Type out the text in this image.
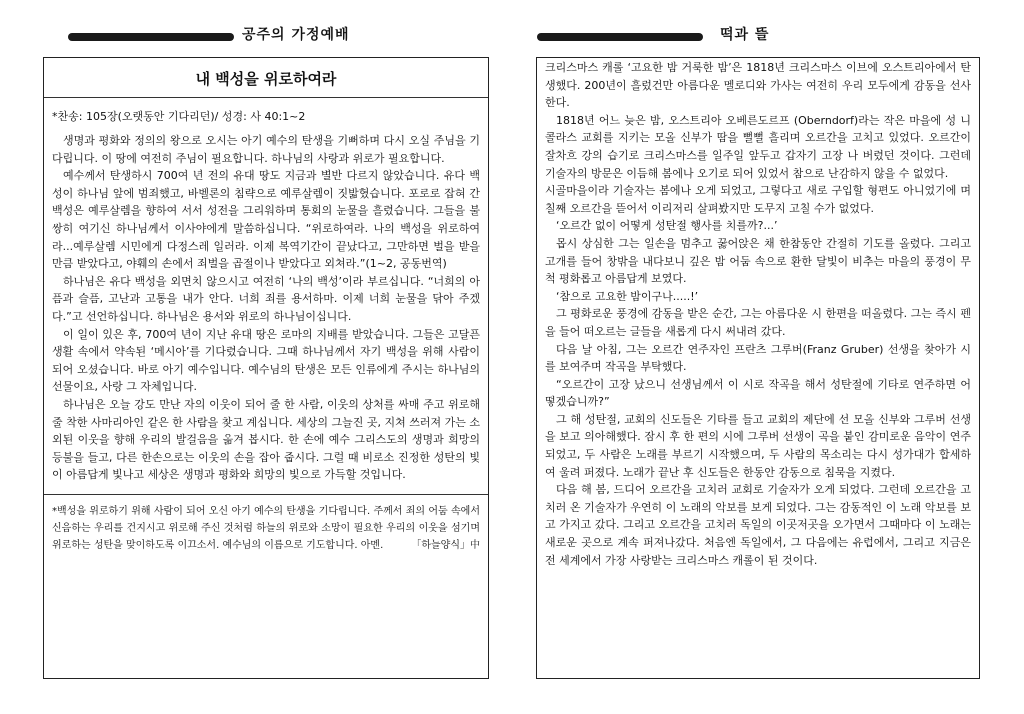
공주의 가정예배	떡과 뜰
내 백성을 위로하여라
*찬송: 105장(오랫동안 기다리던)/ 성경: 사 40:1~2

생명과 평화와 정의의 왕으로 오시는 아기 예수의 탄생을 기뻐하며 다시 오실 주님을 기다립니다. 이 땅에 여전히 주님이 필요합니다. 하나님의 사랑과 위로가 필요합니다.

예수께서 탄생하시 700여 년 전의 유대 땅도 지금과 별반 다르지 않았습니다. 유다 백성이 하나님 앞에 범죄했고, 바벨론의 침략으로 예루살렘이 짓밟혔습니다. 포로로 잡혀 간 백성은 예루살렘을 향하여 서서 성전을 그리워하며 통회의 눈물을 흘렸습니다. 그들을 불쌍히 여기신 하나님께서 이사야에게 말씀하십니다. “위로하여라. 나의 백성을 위로하여라...예루살렘 시민에게 다정스레 일러라. 이제 복역기간이 끝났다고, 그만하면 벌을 받을 만큼 받았다고, 야훼의 손에서 죄벌을 곱절이나 받았다고 외쳐라.”(1~2, 공동번역)

하나님은 유다 백성을 외면치 않으시고 여전히 ‘나의 백성’이라 부르십니다. “너희의 아픔과 슬픔, 고난과 고통을 내가 안다. 너희 죄를 용서하마. 이제 너희 눈물을 닦아 주겠다.”고 선언하십니다. 하나님은 용서와 위로의 하나님이십니다.

이 일이 있은 후, 700여 년이 지난 유대 땅은 로마의 지배를 받았습니다. 그들은 고달픈 생활 속에서 약속된 ‘메시아’를 기다렸습니다. 그때 하나님께서 자기 백성을 위해 사람이 되어 오셨습니다. 바로 아기 예수입니다. 예수님의 탄생은 모든 인류에게 주시는 하나님의 선물이요, 사랑 그 자체입니다.

하나님은 오늘 강도 만난 자의 이웃이 되어 줄 한 사람, 이웃의 상처를 싸매 주고 위로해 줄 착한 사마리아인 같은 한 사람을 찾고 계십니다. 세상의 그늘진 곳, 지쳐 쓰러져 가는 소외된 이웃을 향해 우리의 발걸음을 옮겨 봅시다. 한 손에 예수 그리스도의 생명과 희망의 등불을 들고, 다른 한손으로는 이웃의 손을 잡아 줍시다. 그럴 때 비로소 진정한 성탄의 빛이 아름답게 빛나고 세상은 생명과 평화와 희망의 빛으로 가득할 것입니다.

*백성을 위로하기 위해 사람이 되어 오신 아기 예수의 탄생을 기다립니다. 주께서 죄의 어둠 속에서 신음하는 우리를 건지시고 위로해 주신 것처럼 하늘의 위로와 소망이 필요한 우리의 이웃을 섬기며 위로하는 성탄을 맞이하도록 이끄소서. 예수님의 이름으로 기도합니다. 아멘.	「하늘양식」中

크리스마스 캐롤 ‘고요한 밤 거룩한 밤’은 1818년 크리스마스 이브에 오스트리아에서 탄생했다. 200년이 흘렀건만 아름다운 멜로디와 가사는 여전히 우리 모두에게 감동을 선사한다.

1818년 어느 늦은 밤, 오스트리아 오베른도르프 (Oberndorf)라는 작은 마을에 성 니콜라스 교회를 지키는 모올 신부가 땀을 뻘뻘 흘리며 오르간을 고치고 있었다. 오르간이 잘차흐 강의 습기로 크리스마스를 일주일 앞두고 갑자기 고장 나 버렸던 것이다. 그런데 기술자의 방문은 이듬해 봄에나 오기로 되어 있었서 참으로 난감하지 않을 수 없었다.

시골마을이라 기술자는 봄에나 오게 되었고, 그렇다고 새로 구입할 형편도 아니었기에 며칠째 오르간을 뜯어서 이리저리 살펴봤지만 도무지 고칠 수가 없었다.

‘오르간 없이 어떻게 성탄절 행사를 치를까?...’

몹시 상심한 그는 일손을 멈추고 꿇어앉은 채 한참동안 간절히 기도를 올렸다. 그리고 고개를 들어 창밖을 내다보니 깊은 밤 어둠 속으로 환한 달빛이 비추는 마을의 풍경이 무척 평화롭고 아름답게 보였다.

‘참으로 고요한 밤이구나.....!’

그 평화로운 풍경에 감동을 받은 순간, 그는 아름다운 시 한편을 떠올렸다. 그는 즉시 펜을 들어 떠오르는 글들을 새롭게 다시 써내려 갔다.

다음 날 아침, 그는 오르간 연주자인 프란츠 그루버(Franz Gruber) 선생을 찾아가 시를 보여주며 작곡을 부탁했다.

“오르간이 고장 났으니 선생님께서 이 시로 작곡을 해서 성탄절에 기타로 연주하면 어떻겠습니까?”

그 해 성탄절, 교회의 신도들은 기타를 들고 교회의 제단에 선 모올 신부와 그루버 선생을 보고 의아해했다. 잠시 후 한 편의 시에 그루버 선생이 곡을 붙인 감미로운 음악이 연주되었고, 두 사람은 노래를 부르기 시작했으며, 두 사람의 목소리는 다시 성가대가 합세하여 울려 퍼졌다. 노래가 끝난 후 신도들은 한동안 감동으로 침묵을 지켰다.

다음 해 봄, 드디어 오르간을 고치러 교회로 기술자가 오게 되었다. 그런데 오르간을 고치러 온 기술자가 우연히 이 노래의 악보를 보게 되었다. 그는 감동적인 이 노래 악보를 보고 가지고 갔다. 그리고 오르간을 고치러 독일의 이곳저곳을 오가면서 그때마다 이 노래는 새로운 곳으로 계속 퍼져나갔다. 처음엔 독일에서, 그 다음에는 유럽에서, 그리고 지금은 전 세계에서 가장 사랑받는 크리스마스 캐롤이 된 것이다.
